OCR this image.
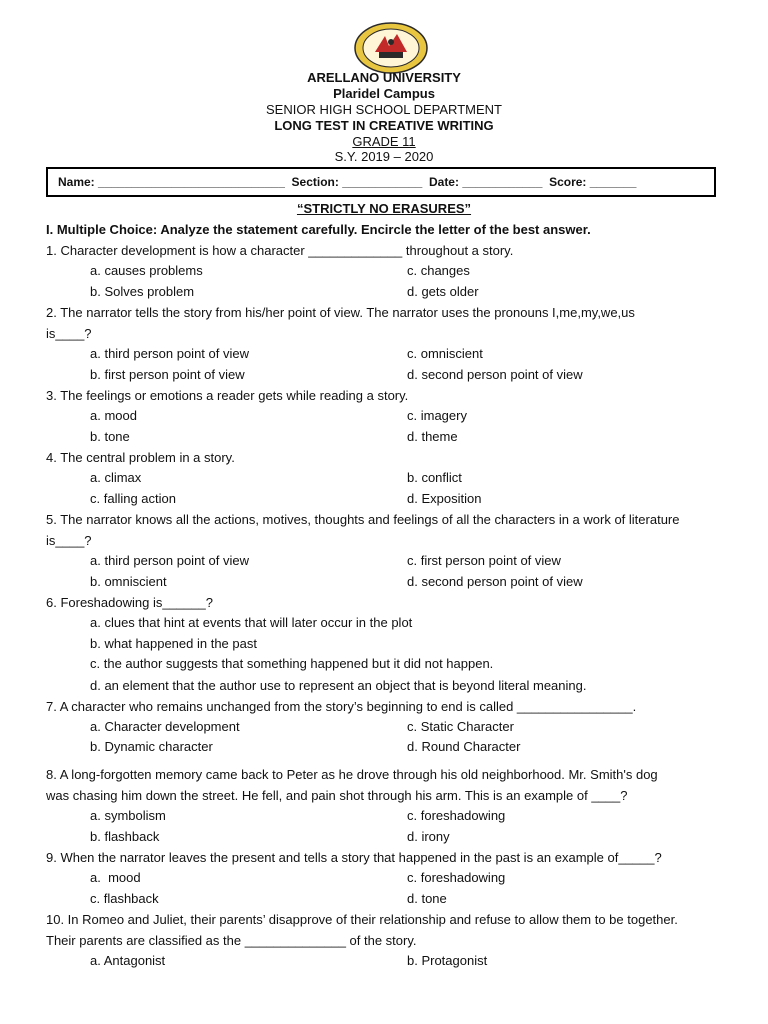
ARELLANO UNIVERSITY
Plaridel Campus
SENIOR HIGH SCHOOL DEPARTMENT
LONG TEST IN CREATIVE WRITING
GRADE 11
S.Y. 2019 – 2020
Name: ____________________________  Section: ____________  Date: ____________  Score: _______
“STRICTLY NO ERASURES”
I. Multiple Choice: Analyze the statement carefully. Encircle the letter of the best answer.
1. Character development is how a character _____________ throughout a story.
a. causes problems	c. changes
b. Solves problem	d. gets older
2. The narrator tells the story from his/her point of view. The narrator uses the pronouns I,me,my,we,us
is____?
a. third person point of view	c. omniscient
b. first person point of view	d. second person point of view
3. The feelings or emotions a reader gets while reading a story.
a. mood	c. imagery
b. tone	d. theme
4. The central problem in a story.
a. climax	b. conflict
c. falling action	d. Exposition
5. The narrator knows all the actions, motives, thoughts and feelings of all the characters in a work of literature
is____?
a. third person point of view	c. first person point of view
b. omniscient	d. second person point of view
6. Foreshadowing is______?
a. clues that hint at events that will later occur in the plot
b. what happened in the past
c. the author suggests that something happened but it did not happen.
d. an element that the author use to represent an object that is beyond literal meaning.
7. A character who remains unchanged from the story’s beginning to end is called ________________.
a. Character development	c. Static Character
b. Dynamic character	d. Round Character
8. A long-forgotten memory came back to Peter as he drove through his old neighborhood. Mr. Smith's dog
was chasing him down the street. He fell, and pain shot through his arm. This is an example of ____?
a. symbolism	c. foreshadowing
b. flashback	d. irony
9. When the narrator leaves the present and tells a story that happened in the past is an example of_____?
a.  mood	c. foreshadowing
c. flashback	d. tone
10. In Romeo and Juliet, their parents’ disapprove of their relationship and refuse to allow them to be together.
Their parents are classified as the ______________ of the story.
a. Antagonist	b. Protagonist
